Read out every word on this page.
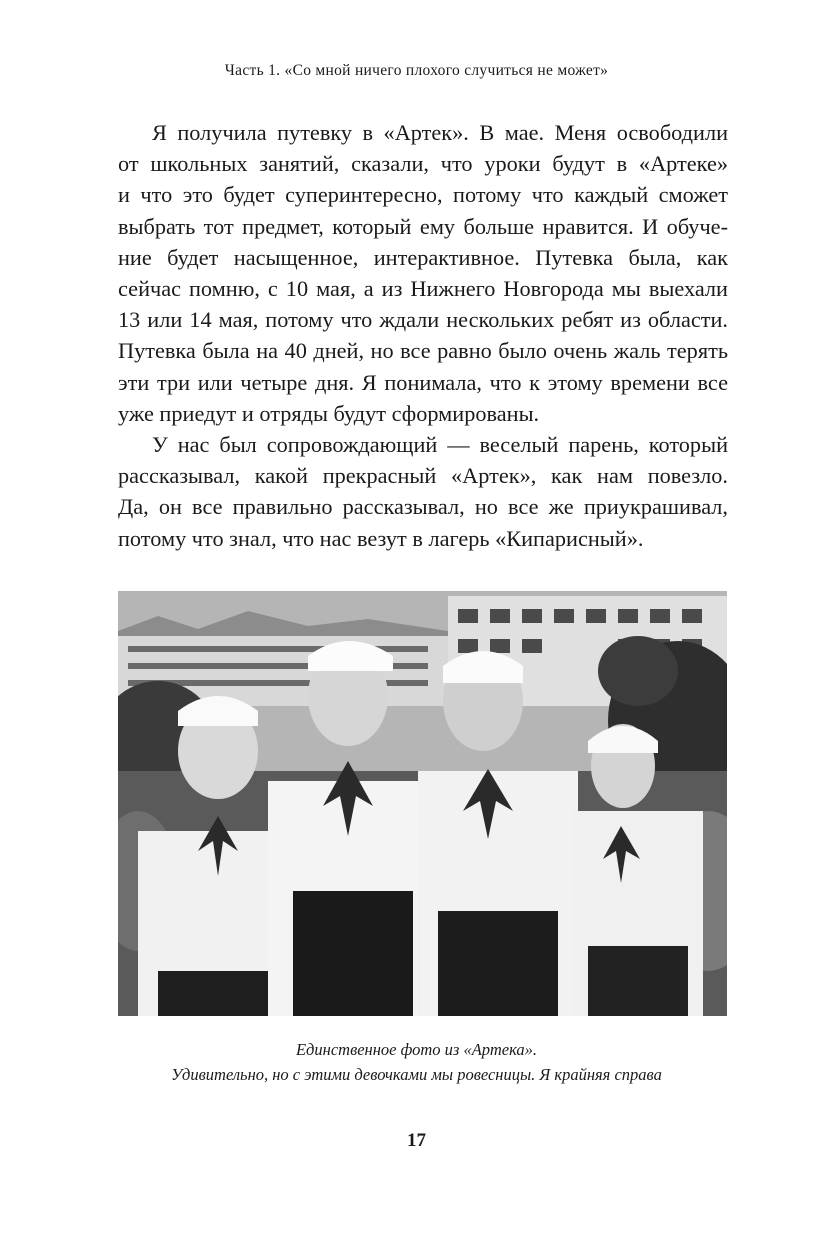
Часть 1. «Со мной ничего плохого случиться не может»
Я получила путевку в «Артек». В мае. Меня освободили
от школьных занятий, сказали, что уроки будут в «Артеке»
и что это будет суперинтересно, потому что каждый сможет
выбрать тот предмет, который ему больше нравится. И обуче-
ние будет насыщенное, интерактивное. Путевка была, как
сейчас помню, с 10 мая, а из Нижнего Новгорода мы выехали
13 или 14 мая, потому что ждали нескольких ребят из области.
Путевка была на 40 дней, но все равно было очень жаль терять
эти три или четыре дня. Я понимала, что к этому времени все
уже приедут и отряды будут сформированы.
У нас был сопровождающий — веселый парень, который
рассказывал, какой прекрасный «Артек», как нам повезло.
Да, он все правильно рассказывал, но все же приукрашивал,
потому что знал, что нас везут в лагерь «Кипарисный».
Единственное фото из «Артека».
Удивительно, но с этими девочками мы ровесницы. Я крайняя справа
17
